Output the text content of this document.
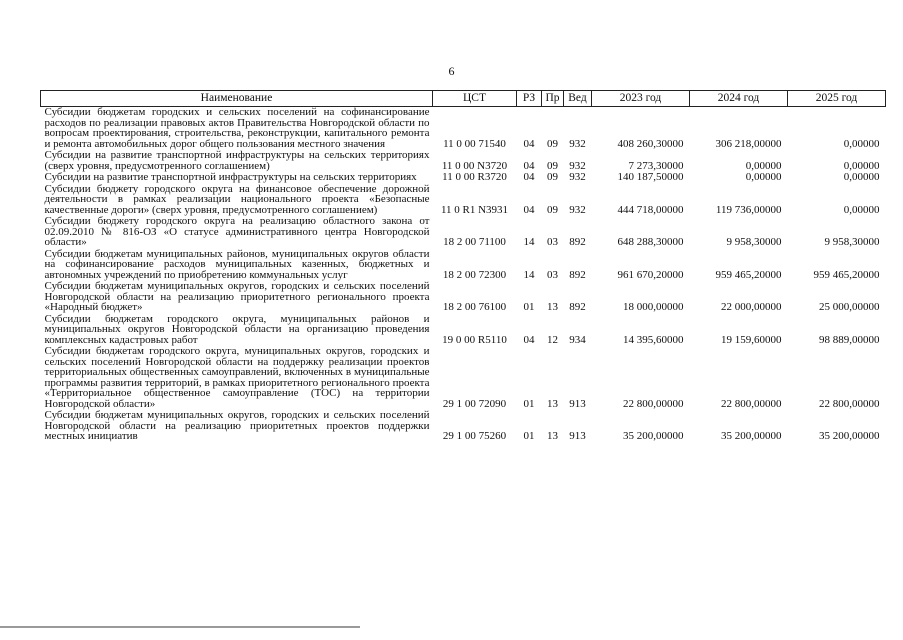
6
Наименование	ЦСТ	РЗ	Пр	Вед	2023 год	2024 год	2025 год
Субсидии бюджетам городских и сельских поселений на софинансирование расходов по реализации правовых актов Правительства Новгородской области по вопросам проектирования, строительства, реконструкции, капитального ремонта и ремонта автомобильных дорог общего пользования местного значения	11 0 00 71540	04	09	932	408 260,30000	306 218,00000	0,00000
Субсидии на развитие транспортной инфраструктуры на сельских территориях (сверх уровня, предусмотренного соглашением)	11 0 00 N3720	04	09	932	7 273,30000	0,00000	0,00000
Субсидии на развитие транспортной инфраструктуры на сельских территориях	11 0 00 R3720	04	09	932	140 187,50000	0,00000	0,00000
Субсидии бюджету городского округа на финансовое обеспечение дорожной деятельности в рамках реализации национального проекта «Безопасные качественные дороги» (сверх уровня, предусмотренного соглашением)	11 0 R1 N3931	04	09	932	444 718,00000	119 736,00000	0,00000
Субсидии бюджету городского округа на реализацию областного закона от 02.09.2010 № 816-ОЗ «О статусе административного центра Новгородской области»	18 2 00 71100	14	03	892	648 288,30000	9 958,30000	9 958,30000
Субсидии бюджетам муниципальных районов, муниципальных округов области на софинансирование расходов муниципальных казенных, бюджетных и автономных учреждений по приобретению коммунальных услуг	18 2 00 72300	14	03	892	961 670,20000	959 465,20000	959 465,20000
Субсидии бюджетам муниципальных округов, городских и сельских поселений Новгородской области на реализацию приоритетного регионального проекта «Народный бюджет»	18 2 00 76100	01	13	892	18 000,00000	22 000,00000	25 000,00000
Субсидии бюджетам городского округа, муниципальных районов и муниципальных округов Новгородской области на организацию проведения комплексных кадастровых работ	19 0 00 R5110	04	12	934	14 395,60000	19 159,60000	98 889,00000
Субсидии бюджетам городского округа, муниципальных округов, городских и сельских поселений Новгородской области на поддержку реализации проектов территориальных общественных самоуправлений, включенных в муниципальные программы развития территорий, в рамках приоритетного регионального проекта «Территориальное общественное самоуправление (ТОС) на территории Новгородской области»	29 1 00 72090	01	13	913	22 800,00000	22 800,00000	22 800,00000
Субсидии бюджетам муниципальных округов, городских и сельских поселений Новгородской области на реализацию приоритетных проектов поддержки местных инициатив	29 1 00 75260	01	13	913	35 200,00000	35 200,00000	35 200,00000
